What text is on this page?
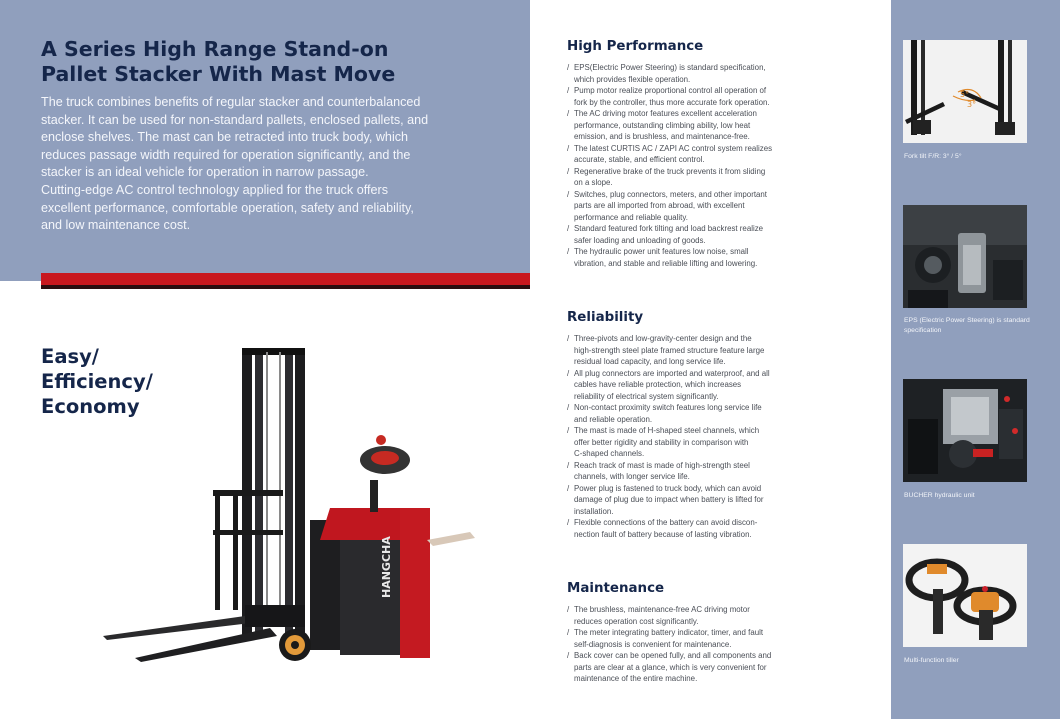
A Series High Range Stand-on
Pallet Stacker With Mast Move
The truck combines benefits of regular stacker and counterbalanced
stacker. It can be used for non-standard pallets, enclosed pallets, and
enclose shelves. The mast can be retracted into truck body, which
reduces passage width required for operation significantly, and the
stacker is an ideal vehicle for operation in narrow passage.
Cutting-edge AC control technology applied for the truck offers
excellent performance, comfortable operation, safety and reliability,
and low maintenance cost.
Easy/
Efficiency/
Economy
HANGCHA
High Performance
/ EPS(Electric Power Steering) is standard specification,
which provides flexible operation.
/ Pump motor realize proportional control all operation of
fork by the controller, thus more accurate fork operation.
/ The AC driving motor features excellent acceleration
performance, outstanding climbing ability, low heat
emission, and is brushless, and maintenance-free.
/ The latest CURTIS AC / ZAPI AC control system realizes
accurate, stable, and efficient control.
/ Regenerative brake of the truck prevents it from sliding
on a slope.
/ Switches, plug connectors, meters, and other important
parts are all imported from abroad, with excellent
performance and reliable quality.
/ Standard featured fork tilting and load backrest realize
safer loading and unloading of goods.
/ The hydraulic power unit features low noise, small
vibration, and stable and reliable lifting and lowering.
Reliability
/ Three-pivots and low-gravity-center design and the
high-strength steel plate framed structure feature large
residual load capacity, and long service life.
/ All plug connectors are imported and waterproof, and all
cables have reliable protection, which increases
reliability of electrical system significantly.
/ Non-contact proximity switch features long service life
and reliable operation.
/ The mast is made of H-shaped steel channels, which
offer better rigidity and stability in comparison with
C-shaped channels.
/ Reach track of mast is made of high-strength steel
channels, with longer service life.
/ Power plug is fastened to truck body, which can avoid
damage of plug due to impact when battery is lifted for
installation.
/ Flexible connections of the battery can avoid discon-
nection fault of battery because of lasting vibration.
Maintenance
/ The brushless, maintenance-free AC driving motor
reduces operation cost significantly.
/ The meter integrating battery indicator, timer, and fault
self-diagnosis is convenient for maintenance.
/ Back cover can be opened fully, and all components and
parts are clear at a glance, which is very convenient for
maintenance of the entire machine.
5°
3°
Fork tilt F/R: 3° / 5°
EPS (Electric Power Steering) is standard
specification
BUCHER hydraulic unit
Multi-function tiller
